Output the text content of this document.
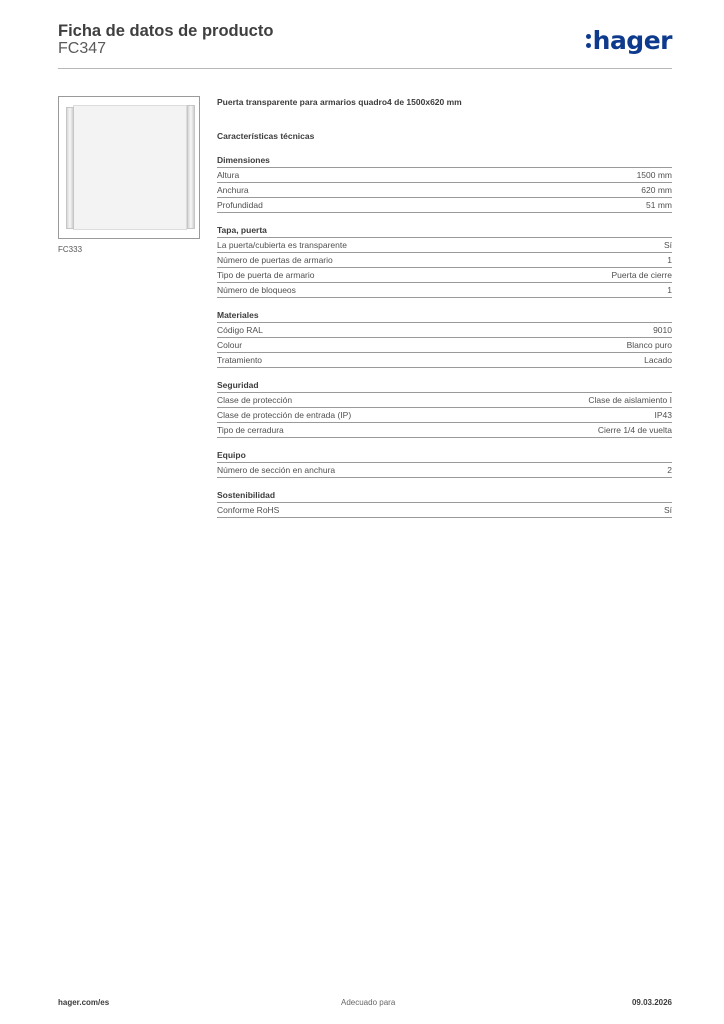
Ficha de datos de producto
FC347	hager
FC333
Puerta transparente para armarios quadro4 de 1500x620 mm
Características técnicas
Dimensiones
Altura	1500 mm
Anchura	620 mm
Profundidad	51 mm
Tapa, puerta
La puerta/cubierta es transparente	Sí
Número de puertas de armario	1
Tipo de puerta de armario	Puerta de cierre
Número de bloqueos	1
Materiales
Código RAL	9010
Colour	Blanco puro
Tratamiento	Lacado
Seguridad
Clase de protección	Clase de aislamiento I
Clase de protección de entrada (IP)	IP43
Tipo de cerradura	Cierre 1/4 de vuelta
Equipo
Número de sección en anchura	2
Sostenibilidad
Conforme RoHS	Sí
hager.com/es	Adecuado para	09.03.2026
